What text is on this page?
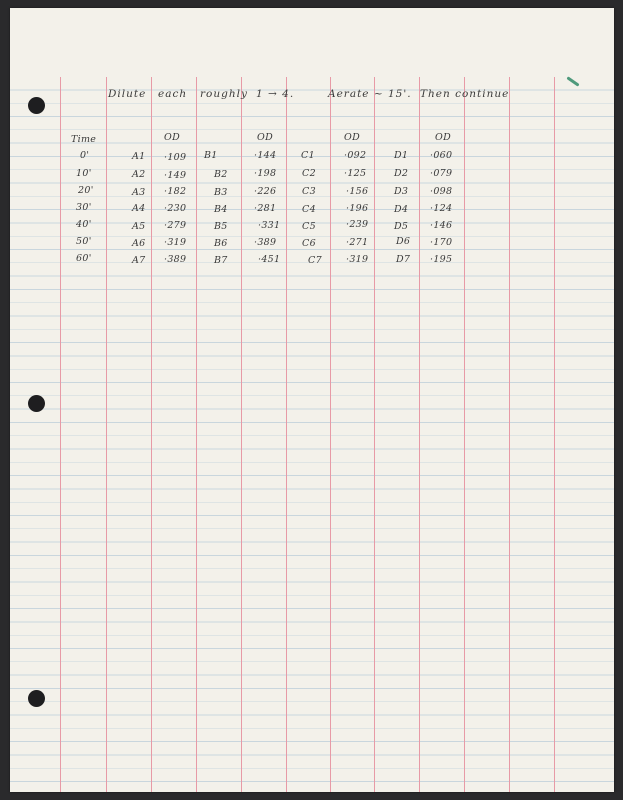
Dilute each roughly 1 → 4.	Aerate ~ 15'. Then continue
Time	OD	OD	OD	OD
0'	A1 ·109 B1	·144	C1	·092	D1 ·060
10'	A2 ·149	B2	·198	C2	·125	D2 ·079
20'	A3 ·182	B3	·226	C3	·156	D3 ·098
30'	A4 ·230	B4	·281	C4	·196	D4 ·124
40'	A5 ·279	B5	·331 C5	·239	D5 ·146
50'	A6 ·319	B6	·389	C6	·271	D6 ·170
60'	A7 ·389	B7	·451	C7	·319	D7 ·195
